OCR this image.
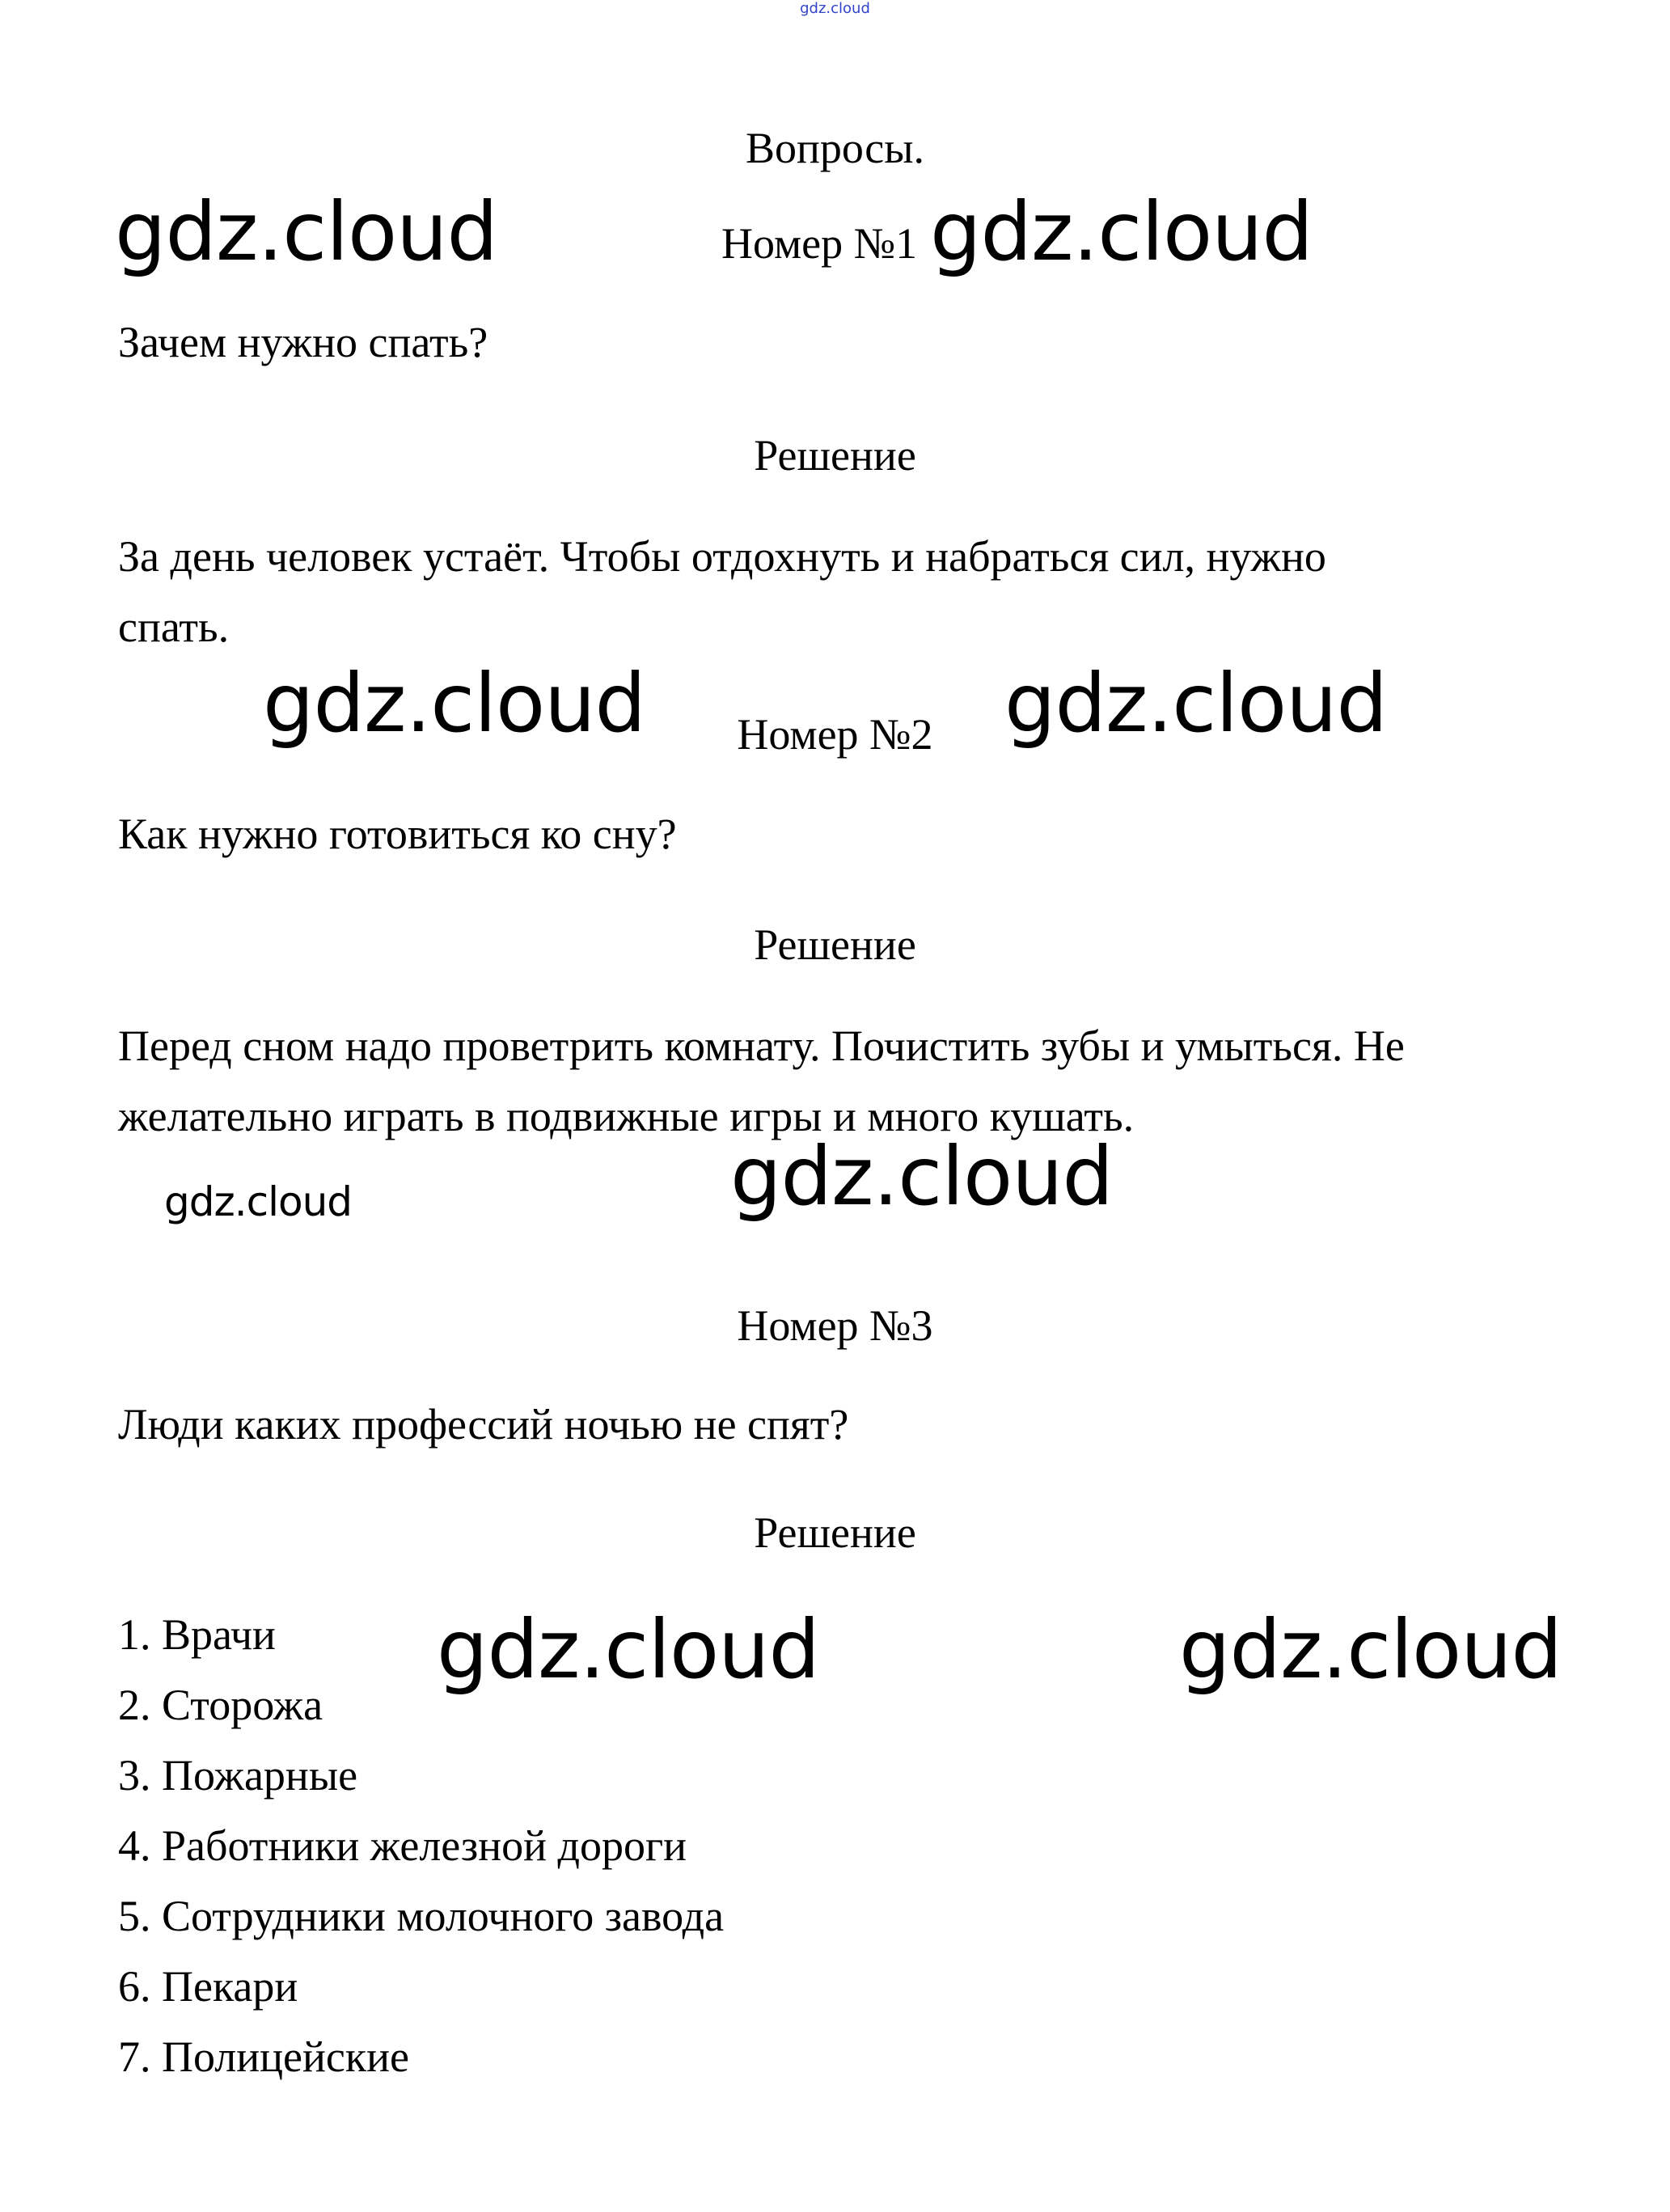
gdz.cloud
Вопросы.
gdz.cloud	Номер №1 gdz.cloud
Зачем нужно спать?
Решение
За день человек устаёт. Чтобы отдохнуть и набраться сил, нужно
спать.
gdz.cloud	gdz.cloud
Номер №2
Как нужно готовиться ко сну?
Решение
Перед сном надо проветрить комнату. Почистить зубы и умыться. Не
желательно играть в подвижные игры и много кушать.
gdz.cloud	gdz.cloud
Номер №3
Люди каких профессий ночью не спят?
Решение
1. Врачи
2. Сторожа
3. Пожарные
4. Работники железной дороги
5. Сотрудники молочного завода
6. Пекари
7. Полицейские
gdz.cloud	gdz.cloud
